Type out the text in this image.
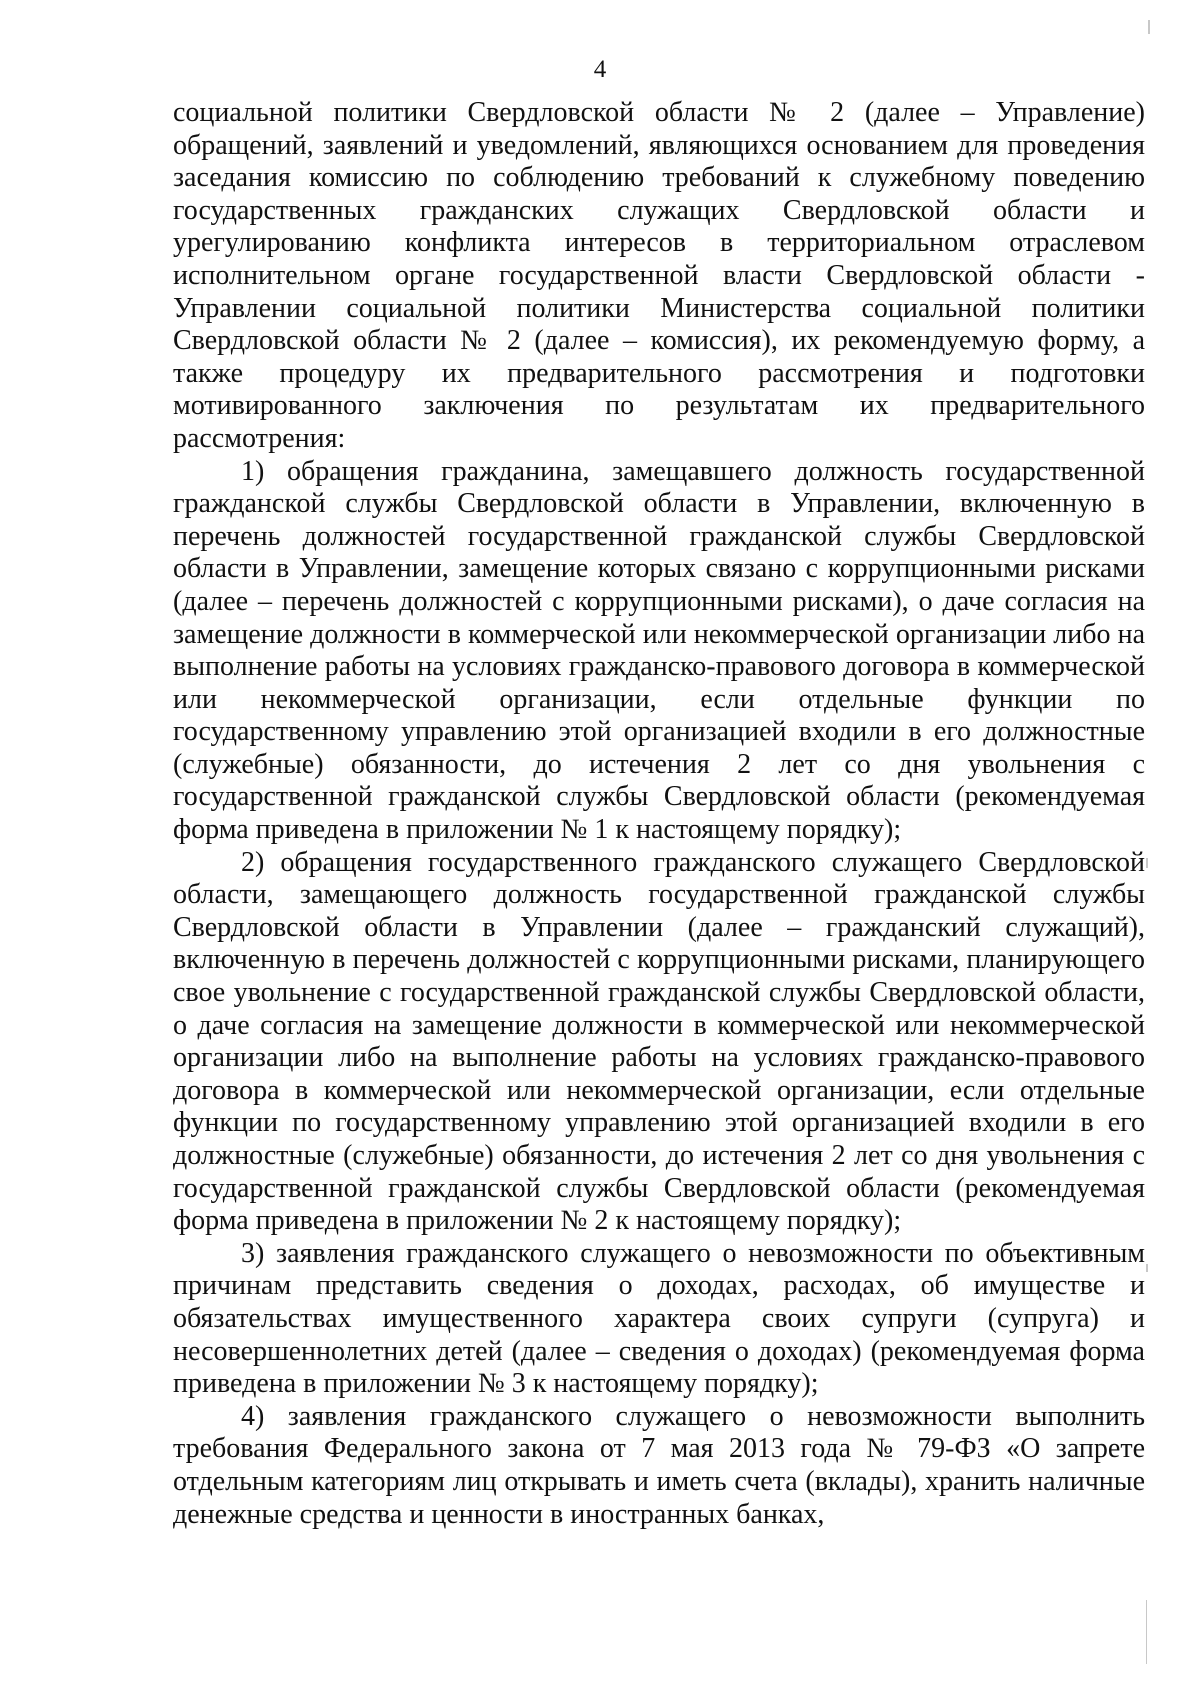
4

социальной политики Свердловской области № 2 (далее – Управление) обращений, заявлений и уведомлений, являющихся основанием для проведения заседания комиссию по соблюдению требований к служебному поведению государственных гражданских служащих Свердловской области и урегулированию конфликта интересов в территориальном отраслевом исполнительном органе государственной власти Свердловской области - Управлении социальной политики Министерства социальной политики Свердловской области № 2 (далее – комиссия), их рекомендуемую форму, а также процедуру их предварительного рассмотрения и подготовки мотивированного заключения по результатам их предварительного рассмотрения:

1) обращения гражданина, замещавшего должность государственной гражданской службы Свердловской области в Управлении, включенную в перечень должностей государственной гражданской службы Свердловской области в Управлении, замещение которых связано с коррупционными рисками (далее – перечень должностей с коррупционными рисками), о даче согласия на замещение должности в коммерческой или некоммерческой организации либо на выполнение работы на условиях гражданско-правового договора в коммерческой или некоммерческой организации, если отдельные функции по государственному управлению этой организацией входили в его должностные (служебные) обязанности, до истечения 2 лет со дня увольнения с государственной гражданской службы Свердловской области (рекомендуемая форма приведена в приложении № 1 к настоящему порядку);

2) обращения государственного гражданского служащего Свердловской области, замещающего должность государственной гражданской службы Свердловской области в Управлении (далее – гражданский служащий), включенную в перечень должностей с коррупционными рисками, планирующего свое увольнение с государственной гражданской службы Свердловской области, о даче согласия на замещение должности в коммерческой или некоммерческой организации либо на выполнение работы на условиях гражданско-правового договора в коммерческой или некоммерческой организации, если отдельные функции по государственному управлению этой организацией входили в его должностные (служебные) обязанности, до истечения 2 лет со дня увольнения с государственной гражданской службы Свердловской области (рекомендуемая форма приведена в приложении № 2 к настоящему порядку);

3) заявления гражданского служащего о невозможности по объективным причинам представить сведения о доходах, расходах, об имуществе и обязательствах имущественного характера своих супруги (супруга) и несовершеннолетних детей (далее – сведения о доходах) (рекомендуемая форма приведена в приложении № 3 к настоящему порядку);

4) заявления гражданского служащего о невозможности выполнить требования Федерального закона от 7 мая 2013 года № 79-ФЗ «О запрете отдельным категориям лиц открывать и иметь счета (вклады), хранить наличные денежные средства и ценности в иностранных банках,
